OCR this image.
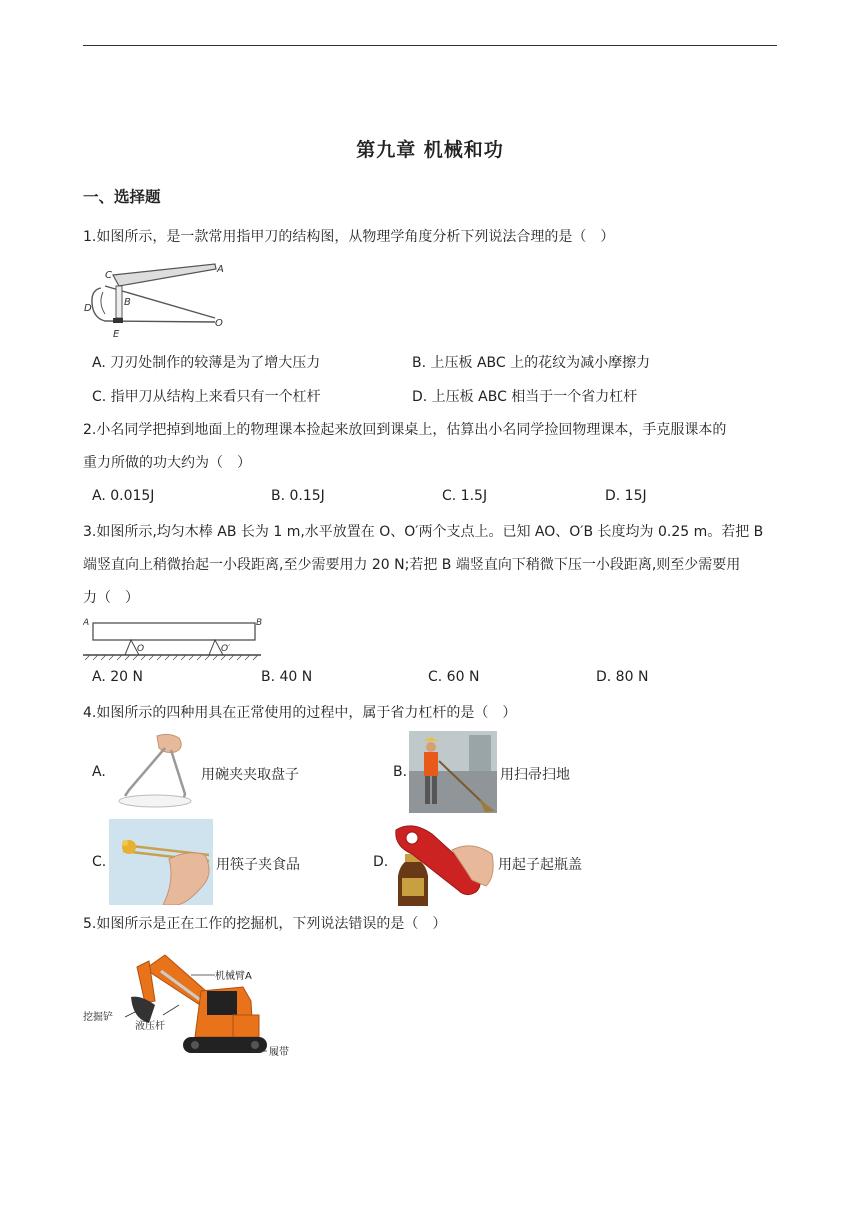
第九章 机械和功
一、选择题
1.如图所示，是一款常用指甲刀的结构图，从物理学角度分析下列说法合理的是（　）
A
C
B
D
E
O
A. 刀刃处制作的较薄是为了增大压力	B. 上压板 ABC 上的花纹为减小摩擦力
C. 指甲刀从结构上来看只有一个杠杆	D. 上压板 ABC 相当于一个省力杠杆
2.小名同学把掉到地面上的物理课本捡起来放回到课桌上，估算出小名同学捡回物理课本，手克服课本的
重力所做的功大约为（　）
A. 0.015J	B. 0.15J	C. 1.5J	D. 15J
3.如图所示,均匀木棒 AB 长为 1 m,水平放置在 O、O′两个支点上。已知 AO、O′B 长度均为 0.25 m。若把 B
端竖直向上稍微抬起一小段距离,至少需要用力 20 N;若把 B 端竖直向下稍微下压一小段距离,则至少需要用
力（　）
A	B
O	O′
A. 20 N	B. 40 N	C. 60 N	D. 80 N
4.如图所示的四种用具在正常使用的过程中，属于省力杠杆的是（　）
A.	用碗夹夹取盘子	B.	用扫帚扫地
C.	用筷子夹食品	D.	用起子起瓶盖
5.如图所示是正在工作的挖掘机，下列说法错误的是（　）
机械臂A
挖掘铲
液压杆
履带
